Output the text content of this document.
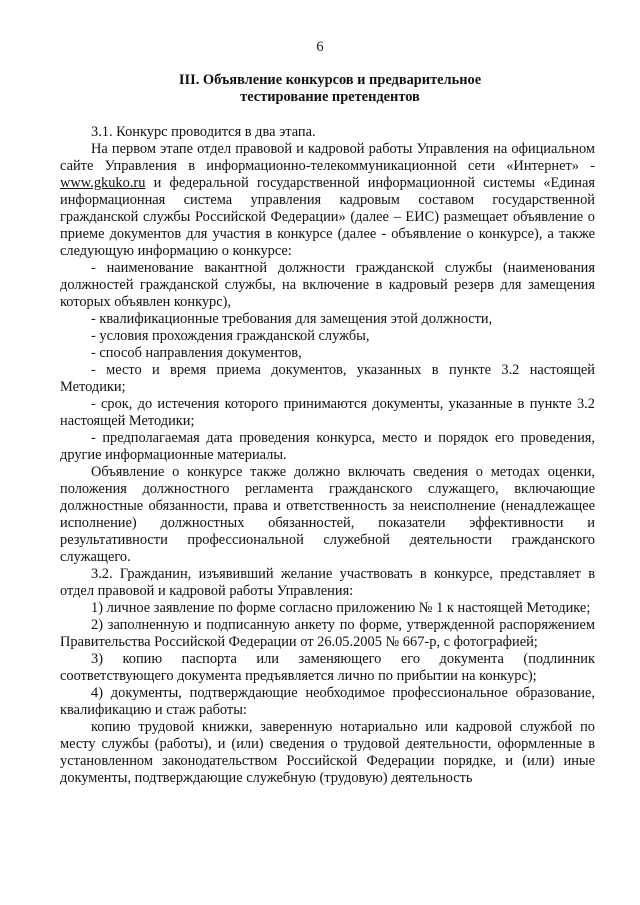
6
III. Объявление конкурсов и предварительное
тестирование претендентов

3.1. Конкурс проводится в два этапа.

На первом этапе отдел правовой и кадровой работы Управления на официальном сайте Управления в информационно-телекоммуникационной сети «Интернет» - www.gkuko.ru и федеральной государственной информационной системы «Единая информационная система управления кадровым составом государственной гражданской службы Российской Федерации» (далее – ЕИС) размещает объявление о приеме документов для участия в конкурсе (далее - объявление о конкурсе), а также следующую информацию о конкурсе:

- наименование вакантной должности гражданской службы (наименования должностей гражданской службы, на включение в кадровый резерв для замещения которых объявлен конкурс),

- квалификационные требования для замещения этой должности,

- условия прохождения гражданской службы,

- способ направления документов,

- место и время приема документов, указанных в пункте 3.2 настоящей Методики;

- срок, до истечения которого принимаются документы, указанные в пункте 3.2 настоящей Методики;

- предполагаемая дата проведения конкурса, место и порядок его проведения, другие информационные материалы.

Объявление о конкурсе также должно включать сведения о методах оценки, положения должностного регламента гражданского служащего, включающие должностные обязанности, права и ответственность за неисполнение (ненадлежащее исполнение) должностных обязанностей, показатели эффективности и результативности профессиональной служебной деятельности гражданского служащего.

3.2. Гражданин, изъявивший желание участвовать в конкурсе, представляет в отдел правовой и кадровой работы Управления:

1) личное заявление по форме согласно приложению № 1 к настоящей Методике;

2) заполненную и подписанную анкету по форме, утвержденной распоряжением Правительства Российской Федерации от 26.05.2005 № 667-р, с фотографией;

3) копию паспорта или заменяющего его документа (подлинник соответствующего документа предъявляется лично по прибытии на конкурс);

4) документы, подтверждающие необходимое профессиональное образование, квалификацию и стаж работы:

копию трудовой книжки, заверенную нотариально или кадровой службой по месту службы (работы), и (или) сведения о трудовой деятельности, оформленные в установленном законодательством Российской Федерации порядке, и (или) иные документы, подтверждающие служебную (трудовую) деятельность
